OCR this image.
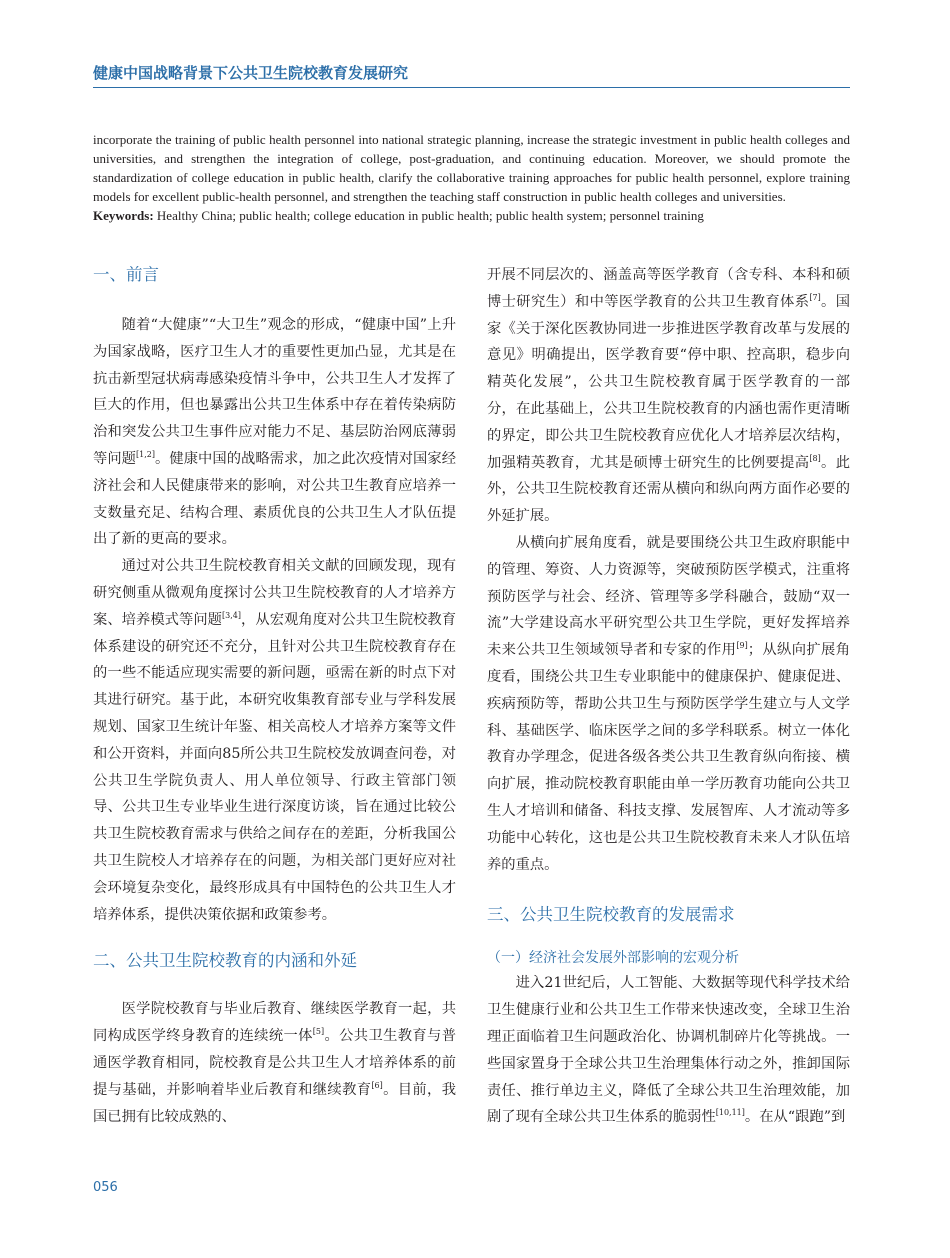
健康中国战略背景下公共卫生院校教育发展研究

incorporate the training of public health personnel into national strategic planning, increase the strategic investment in public health colleges and universities, and strengthen the integration of college, post-graduation, and continuing education. Moreover, we should promote the standardization of college education in public health, clarify the collaborative training approaches for public health personnel, explore training models for excellent public-health personnel, and strengthen the teaching staff construction in public health colleges and universities.

Keywords: Healthy China; public health; college education in public health; public health system; personnel training

一、前言

随着“大健康”“大卫生”观念的形成，“健康中国”上升为国家战略，医疗卫生人才的重要性更加凸显，尤其是在抗击新型冠状病毒感染疫情斗争中，公共卫生人才发挥了巨大的作用，但也暴露出公共卫生体系中存在着传染病防治和突发公共卫生事件应对能力不足、基层防治网底薄弱等问题[1,2]。健康中国的战略需求，加之此次疫情对国家经济社会和人民健康带来的影响，对公共卫生教育应培养一支数量充足、结构合理、素质优良的公共卫生人才队伍提出了新的更高的要求。

通过对公共卫生院校教育相关文献的回顾发现，现有研究侧重从微观角度探讨公共卫生院校教育的人才培养方案、培养模式等问题[3,4]，从宏观角度对公共卫生院校教育体系建设的研究还不充分，且针对公共卫生院校教育存在的一些不能适应现实需要的新问题，亟需在新的时点下对其进行研究。基于此，本研究收集教育部专业与学科发展规划、国家卫生统计年鉴、相关高校人才培养方案等文件和公开资料，并面向85所公共卫生院校发放调查问卷，对公共卫生学院负责人、用人单位领导、行政主管部门领导、公共卫生专业毕业生进行深度访谈，旨在通过比较公共卫生院校教育需求与供给之间存在的差距，分析我国公共卫生院校人才培养存在的问题，为相关部门更好应对社会环境复杂变化，最终形成具有中国特色的公共卫生人才培养体系，提供决策依据和政策参考。

二、公共卫生院校教育的内涵和外延

医学院校教育与毕业后教育、继续医学教育一起，共同构成医学终身教育的连续统一体[5]。公共卫生教育与普通医学教育相同，院校教育是公共卫生人才培养体系的前提与基础，并影响着毕业后教育和继续教育[6]。目前，我国已拥有比较成熟的、

开展不同层次的、涵盖高等医学教育（含专科、本科和硕博士研究生）和中等医学教育的公共卫生教育体系[7]。国家《关于深化医教协同进一步推进医学教育改革与发展的意见》明确提出，医学教育要“停中职、控高职，稳步向精英化发展”，公共卫生院校教育属于医学教育的一部分，在此基础上，公共卫生院校教育的内涵也需作更清晰的界定，即公共卫生院校教育应优化人才培养层次结构，加强精英教育，尤其是硕博士研究生的比例要提高[8]。此外，公共卫生院校教育还需从横向和纵向两方面作必要的外延扩展。

从横向扩展角度看，就是要围绕公共卫生政府职能中的管理、筹资、人力资源等，突破预防医学模式，注重将预防医学与社会、经济、管理等多学科融合，鼓励“双一流”大学建设高水平研究型公共卫生学院，更好发挥培养未来公共卫生领域领导者和专家的作用[9]；从纵向扩展角度看，围绕公共卫生专业职能中的健康保护、健康促进、疾病预防等，帮助公共卫生与预防医学学生建立与人文学科、基础医学、临床医学之间的多学科联系。树立一体化教育办学理念，促进各级各类公共卫生教育纵向衔接、横向扩展，推动院校教育职能由单一学历教育功能向公共卫生人才培训和储备、科技支撑、发展智库、人才流动等多功能中心转化，这也是公共卫生院校教育未来人才队伍培养的重点。

三、公共卫生院校教育的发展需求
（一）经济社会发展外部影响的宏观分析

进入21世纪后，人工智能、大数据等现代科学技术给卫生健康行业和公共卫生工作带来快速改变，全球卫生治理正面临着卫生问题政治化、协调机制碎片化等挑战。一些国家置身于全球公共卫生治理集体行动之外，推卸国际责任、推行单边主义，降低了全球公共卫生治理效能，加剧了现有全球公共卫生体系的脆弱性[10,11]。在从“跟跑”到

056
